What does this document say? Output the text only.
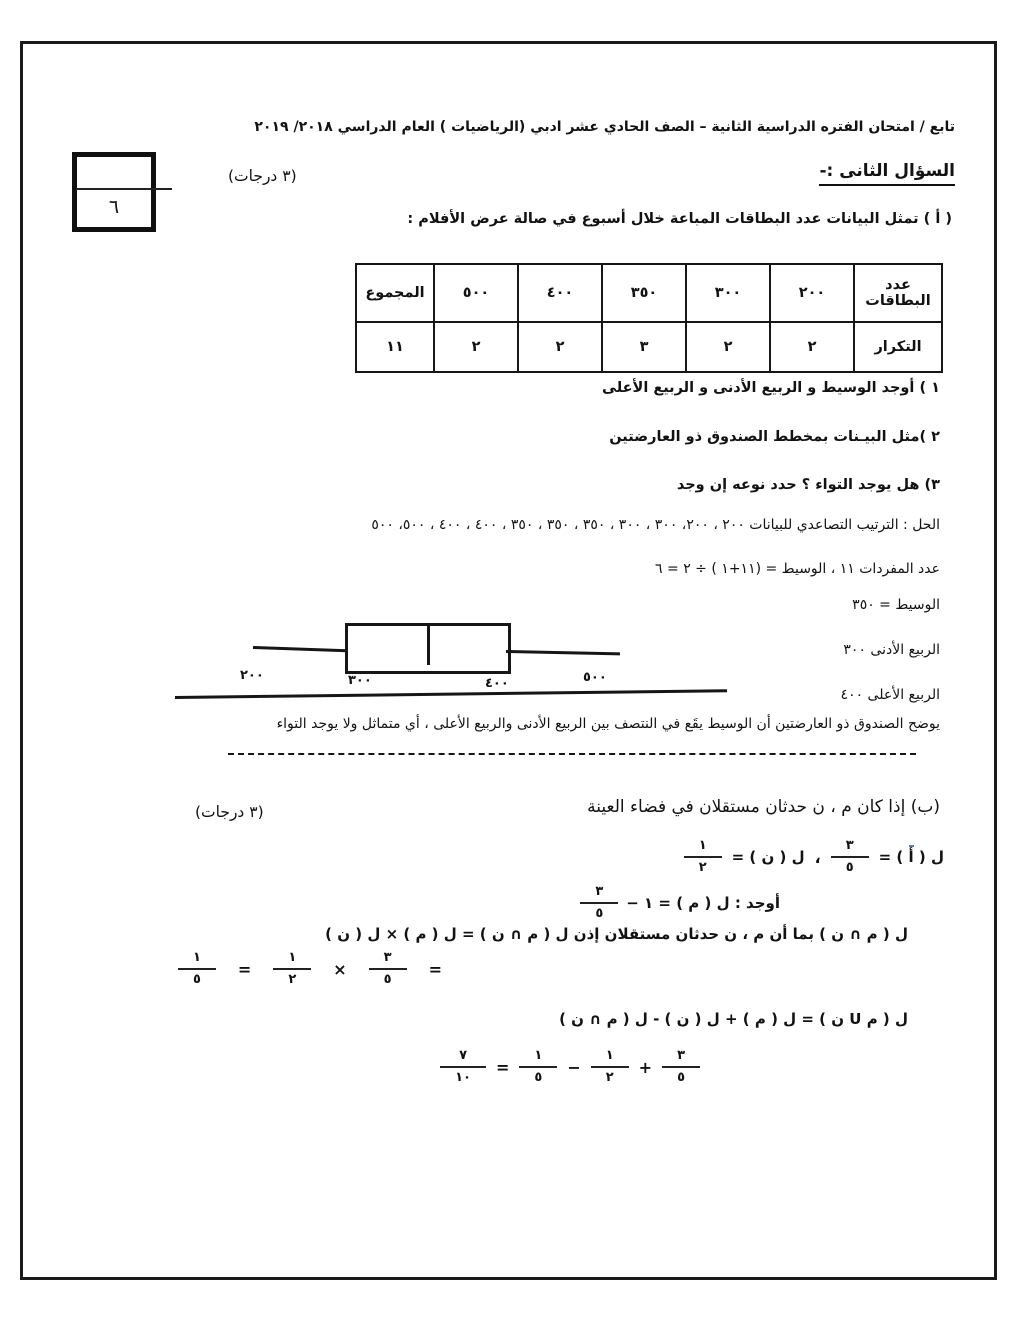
٦
تابع / امتحان الفتره الدراسية الثانية – الصف الحادي عشر ادبي (الرياضيات ) العام الدراسي ٢٠١٨/ ٢٠١٩
السؤال الثانى :-
(٣ درجات)
( أ ) تمثل البيانات عدد البطاقات المباعة خلال أسبوع في صالة عرض الأفلام :
عدد البطاقات	٢٠٠	٣٠٠	٣٥٠	٤٠٠	٥٠٠	المجموع
التكرار	٢	٢	٣	٢	٢	١١
١ ) أوجد الوسيط و الربيع الأدنى و الربيع الأعلى
٢ )مثل البيـنات بمخطط الصندوق ذو العارضتين
٣) هل يوجد التواء ؟ حدد نوعه إن وجد
الحل : الترتيب التصاعدي للبيانات ٢٠٠ ، ٢٠٠، ٣٠٠ ، ٣٠٠ ، ٣٥٠ ، ٣٥٠ ، ٣٥٠ ، ٤٠٠ ، ٤٠٠ ، ٥٠٠، ٥٠٠
عدد المفردات ١١ ، الوسيط = (١١+١ ) ÷ ٢ = ٦
الوسيط = ٣٥٠
الربيع الأدنى ٣٠٠
الربيع الأعلى ٤٠٠
٢٠٠	٣٠٠	٤٠٠	٥٠٠
يوضح الصندوق ذو العارضتين أن الوسيط يقَع في النتصف بين الربيع الأدنى والربيع الأعلى ، أي متماثل ولا يوجد التواء
(ب) إذا كان م ، ن حدثان مستقلان في فضاء العينة
(٣ درجات)
ل ( أ ) =
$\frac{٣}{٥}$
،
ل ( ن ) =
$\frac{١}{٢}$
أوجد : ل ( م ) = ١ −
$\frac{٣}{٥}$
ل ( م ∩ ن ) بما أن م ، ن حدثان مستقلان إذن ل ( م ∩ ن ) = ل ( م ) × ل ( ن )
=
$\frac{٣}{٥}$
×
$\frac{١}{٢}$
=
$\frac{١}{٥}$
ل ( م U ن ) = ل ( م ) + ل ( ن ) - ل ( م ∩ ن )
$\frac{٣}{٥}$
+
$\frac{١}{٢}$
−
$\frac{١}{٥}$
=
$\frac{٧}{١٠}$
